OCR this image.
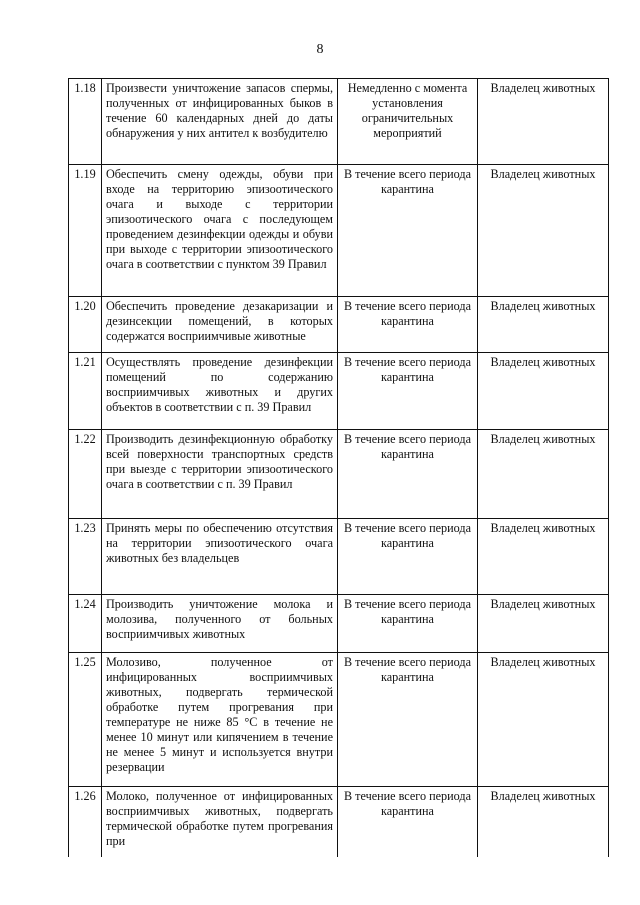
8
1.18	Произвести уничтожение запасов спермы, полученных от инфицированных быков в течение 60 календарных дней до даты обнаружения у них антител к возбудителю	Немедленно с момента установления ограничительных мероприятий	Владелец животных
1.19	Обеспечить смену одежды, обуви при входе на территорию эпизоотического очага и выходе с территории эпизоотического очага с последующем проведением дезинфекции одежды и обуви при выходе с территории эпизоотического очага в соответствии с пунктом 39 Правил	В течение всего периода карантина	Владелец животных
1.20	Обеспечить проведение дезакаризации и дезинсекции помещений, в которых содержатся восприимчивые животные	В течение всего периода карантина	Владелец животных
1.21	Осуществлять проведение дезинфекции помещений по содержанию восприимчивых животных и других объектов в соответствии с п. 39 Правил	В течение всего периода карантина	Владелец животных
1.22	Производить дезинфекционную обработку всей поверхности транспортных средств при выезде с территории эпизоотического очага в соответствии с п. 39 Правил	В течение всего периода карантина	Владелец животных
1.23	Принять меры по обеспечению отсутствия на территории эпизоотического очага животных без владельцев	В течение всего периода карантина	Владелец животных
1.24	Производить уничтожение молока и молозива, полученного от больных восприимчивых животных	В течение всего периода карантина	Владелец животных
1.25	Молозиво, полученное от инфицированных восприимчивых животных, подвергать термической обработке путем прогревания при температуре не ниже 85 °С в течение не менее 10 минут или кипячением в течение не менее 5 минут и используется внутри резервации	В течение всего периода карантина	Владелец животных
1.26	Молоко, полученное от инфицированных восприимчивых животных, подвергать термической обработке путем прогревания при	В течение всего периода карантина	Владелец животных
